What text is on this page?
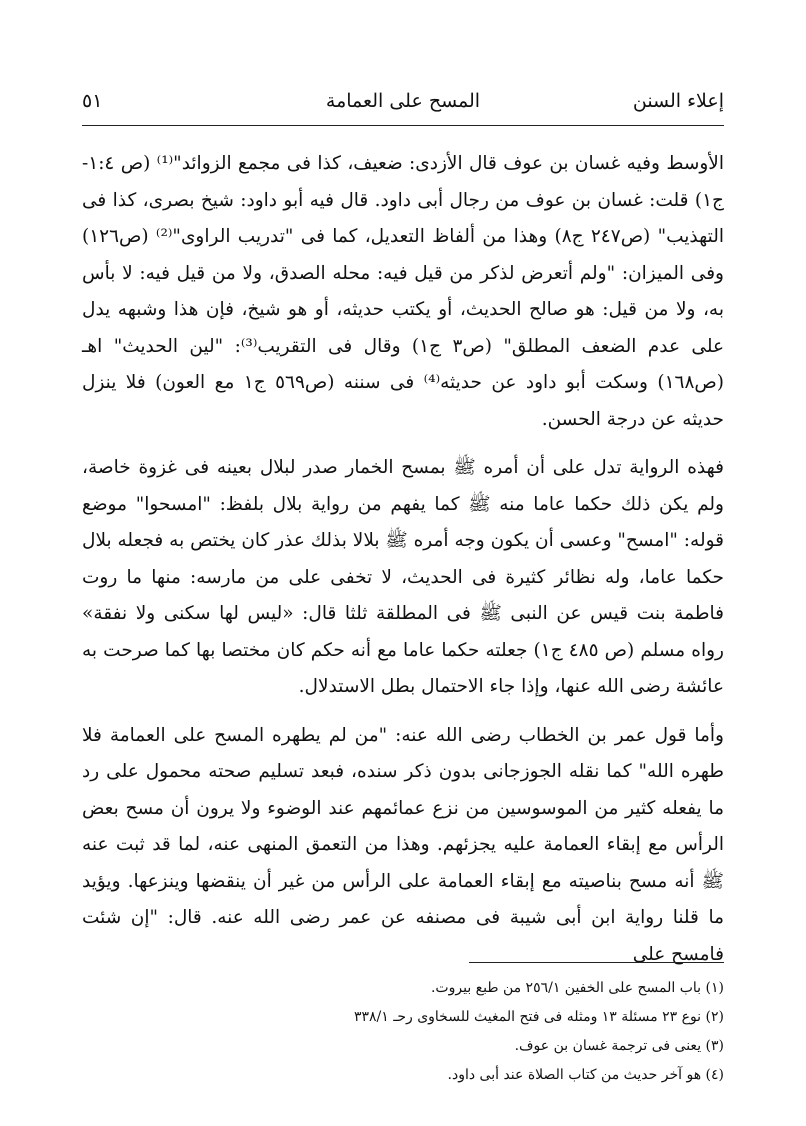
إعلاء السنن
المسح على العمامة
٥١

الأوسط وفيه غسان بن عوف قال الأزدى: ضعيف، كذا فى مجمع الزوائد"⁽¹⁾ (ص ١:٤- ج١) قلت: غسان بن عوف من رجال أبى داود. قال فيه أبو داود: شيخ بصرى، كذا فى التهذيب" (ص٢٤٧ ج٨) وهذا من ألفاظ التعديل، كما فى "تدريب الراوى"⁽²⁾ (ص١٢٦) وفى الميزان: "ولم أتعرض لذكر من قيل فيه: محله الصدق، ولا من قيل فيه: لا بأس به، ولا من قيل: هو صالح الحديث، أو يكتب حديثه، أو هو شيخ، فإن هذا وشبهه يدل على عدم الضعف المطلق" (ص٣ ج١) وقال فى التقريب⁽³⁾: "لين الحديث" اهـ (ص١٦٨) وسكت أبو داود عن حديثه⁽⁴⁾ فى سننه (ص٥٦٩ ج١ مع العون) فلا ينزل حديثه عن درجة الحسن.

فهذه الرواية تدل على أن أمره ﷺ بمسح الخمار صدر لبلال بعينه فى غزوة خاصة، ولم يكن ذلك حكما عاما منه ﷺ كما يفهم من رواية بلال بلفظ: "امسحوا" موضع قوله: "امسح" وعسى أن يكون وجه أمره ﷺ بلالا بذلك عذر كان يختص به فجعله بلال حكما عاما، وله نظائر كثيرة فى الحديث، لا تخفى على من مارسه: منها ما روت فاطمة بنت قيس عن النبى ﷺ فى المطلقة ثلثا قال: «ليس لها سكنى ولا نفقة» رواه مسلم (ص ٤٨٥ ج١) جعلته حكما عاما مع أنه حكم كان مختصا بها كما صرحت به عائشة رضى الله عنها، وإذا جاء الاحتمال بطل الاستدلال.

وأما قول عمر بن الخطاب رضى الله عنه: "من لم يطهره المسح على العمامة فلا طهره الله" كما نقله الجوزجانى بدون ذكر سنده، فبعد تسليم صحته محمول على رد ما يفعله كثير من الموسوسين من نزع عمائمهم عند الوضوء ولا يرون أن مسح بعض الرأس مع إبقاء العمامة عليه يجزئهم. وهذا من التعمق المنهى عنه، لما قد ثبت عنه ﷺ أنه مسح بناصيته مع إبقاء العمامة على الرأس من غير أن ينقضها وينزعها. ويؤيد ما قلنا رواية ابن أبى شيبة فى مصنفه عن عمر رضى الله عنه. قال: "إن شئت فامسح على

(١) باب المسح على الخفين ٢٥٦/١ من طبع بيروت.

(٢) نوع ٢٣ مسئلة ١٣ ومثله فى فتح المغيث للسخاوى رحـ ٣٣٨/١

(٣) يعنى فى ترجمة غسان بن عوف.

(٤) هو آخر حديث من كتاب الصلاة عند أبى داود.
